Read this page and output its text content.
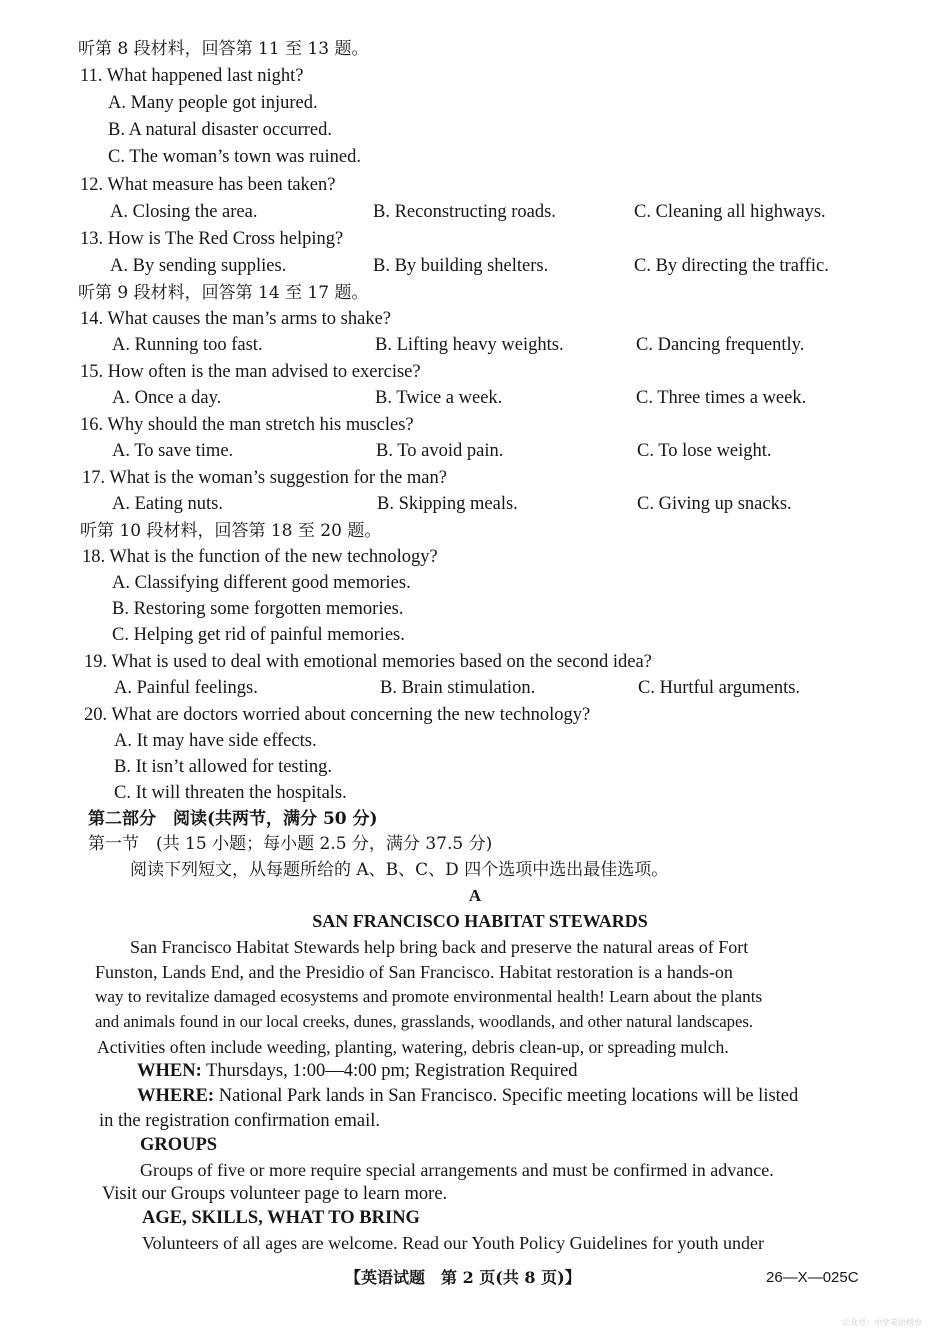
听第 8 段材料，回答第 11 至 13 题。
11. What happened last night?
A. Many people got injured.
B. A natural disaster occurred.
C. The woman’s town was ruined.
12. What measure has been taken?
A. Closing the area.	B. Reconstructing roads.	C. Cleaning all highways.
13. How is The Red Cross helping?
A. By sending supplies.	B. By building shelters.	C. By directing the traffic.
听第 9 段材料，回答第 14 至 17 题。
14. What causes the man’s arms to shake?
A. Running too fast.	B. Lifting heavy weights.	C. Dancing frequently.
15. How often is the man advised to exercise?
A. Once a day.	B. Twice a week.	C. Three times a week.
16. Why should the man stretch his muscles?
A. To save time.	B. To avoid pain.	C. To lose weight.
17. What is the woman’s suggestion for the man?
A. Eating nuts.	B. Skipping meals.	C. Giving up snacks.
听第 10 段材料，回答第 18 至 20 题。
18. What is the function of the new technology?
A. Classifying different good memories.
B. Restoring some forgotten memories.
C. Helping get rid of painful memories.
19. What is used to deal with emotional memories based on the second idea?
A. Painful feelings.	B. Brain stimulation.	C. Hurtful arguments.
20. What are doctors worried about concerning the new technology?
A. It may have side effects.
B. It isn’t allowed for testing.
C. It will threaten the hospitals.
第二部分　阅读(共两节，满分 50 分)
第一节　(共 15 小题；每小题 2.5 分，满分 37.5 分)
阅读下列短文，从每题所给的 A、B、C、D 四个选项中选出最佳选项。
A
SAN FRANCISCO HABITAT STEWARDS
San Francisco Habitat Stewards help bring back and preserve the natural areas of Fort
Funston, Lands End, and the Presidio of San Francisco. Habitat restoration is a hands-on
way to revitalize damaged ecosystems and promote environmental health! Learn about the plants
and animals found in our local creeks, dunes, grasslands, woodlands, and other natural landscapes.
Activities often include weeding, planting, watering, debris clean-up, or spreading mulch.
WHEN: Thursdays, 1:00—4:00 pm; Registration Required
WHERE: National Park lands in San Francisco. Specific meeting locations will be listed
in the registration confirmation email.
GROUPS
Groups of five or more require special arrangements and must be confirmed in advance.
Visit our Groups volunteer page to learn more.
AGE, SKILLS, WHAT TO BRING
Volunteers of all ages are welcome. Read our Youth Policy Guidelines for youth under
【英语试题　第 2 页(共 8 页)】	26—X—025C
公众号：中学英语榜单
